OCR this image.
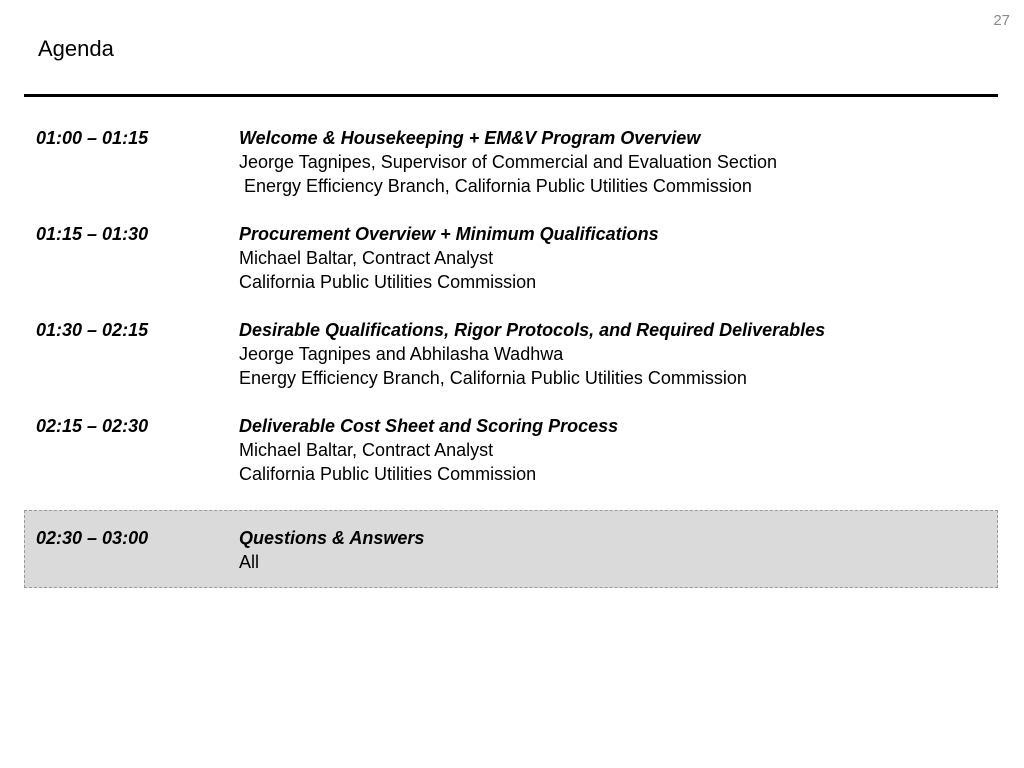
27
Agenda
01:00 – 01:15	Welcome & Housekeeping + EM&V Program Overview
Jeorge Tagnipes, Supervisor of Commercial and Evaluation Section
Energy Efficiency Branch, California Public Utilities Commission
01:15 – 01:30	Procurement Overview + Minimum Qualifications
Michael Baltar, Contract Analyst
California Public Utilities Commission
01:30 – 02:15	Desirable Qualifications, Rigor Protocols, and Required Deliverables
Jeorge Tagnipes and Abhilasha Wadhwa
Energy Efficiency Branch, California Public Utilities Commission
02:15 – 02:30	Deliverable Cost Sheet and Scoring Process
Michael Baltar, Contract Analyst
California Public Utilities Commission
02:30 – 03:00	Questions & Answers
All
